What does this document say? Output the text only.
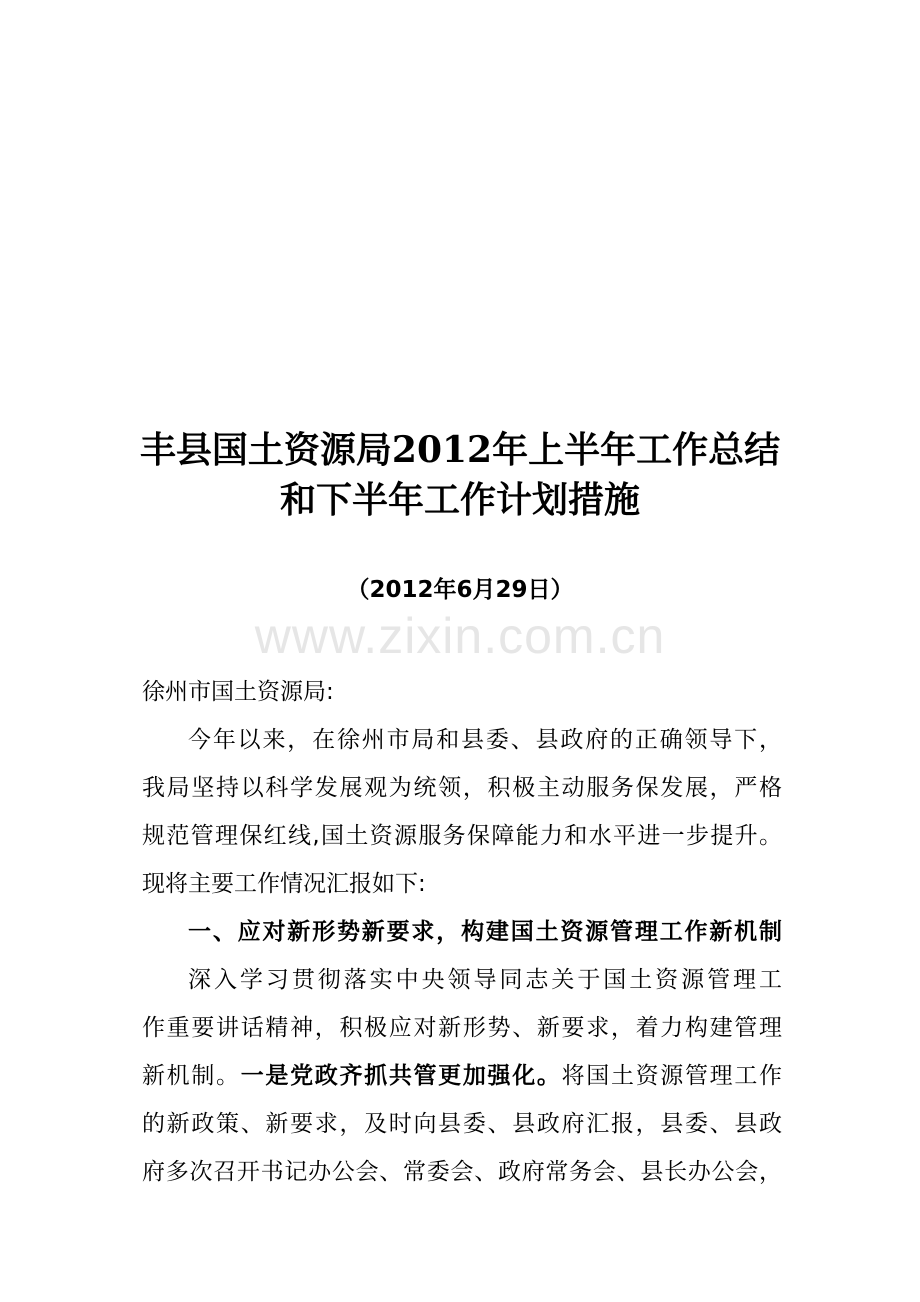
丰县国土资源局2012年上半年工作总结
和下半年工作计划措施
（2012年6月29日）
www.zixin.com.cn
徐州市国土资源局:
今年以来，在徐州市局和县委、县政府的正确领导下，
我局坚持以科学发展观为统领，积极主动服务保发展，严格
规范管理保红线,国土资源服务保障能力和水平进一步提升。
现将主要工作情况汇报如下:
一、应对新形势新要求，构建国土资源管理工作新机制
深入学习贯彻落实中央领导同志关于国土资源管理工
作重要讲话精神，积极应对新形势、新要求，着力构建管理
新机制。一是党政齐抓共管更加强化。将国土资源管理工作
的新政策、新要求，及时向县委、县政府汇报，县委、县政
府多次召开书记办公会、常委会、政府常务会、县长办公会，
